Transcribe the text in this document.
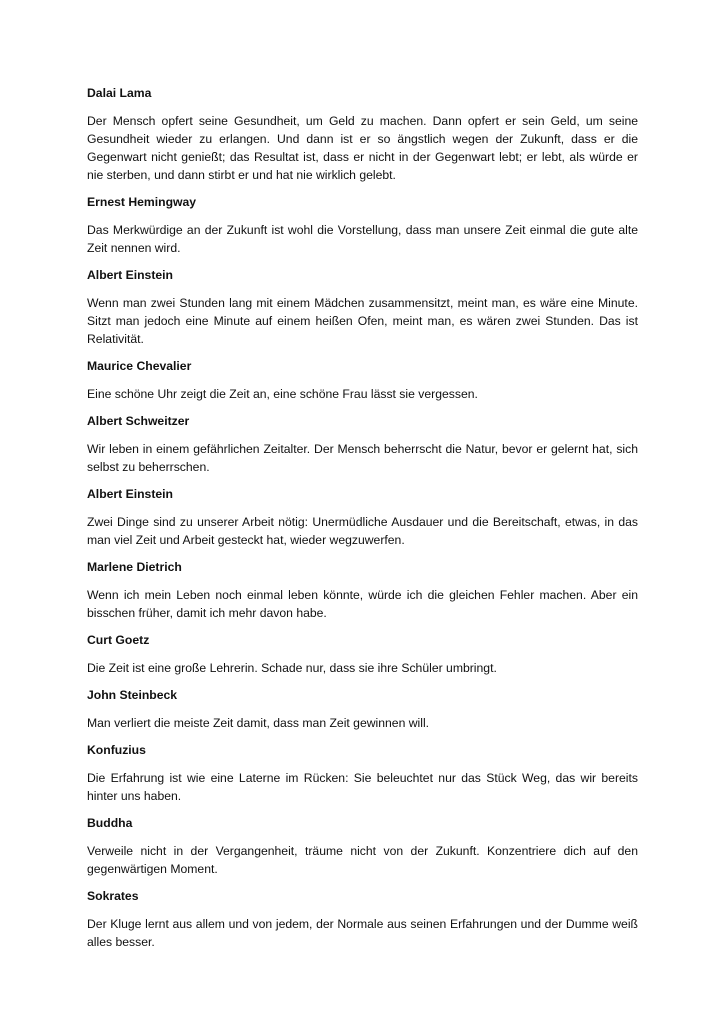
Dalai Lama

Der Mensch opfert seine Gesundheit, um Geld zu machen. Dann opfert er sein Geld, um seine Gesundheit wieder zu erlangen. Und dann ist er so ängstlich wegen der Zukunft, dass er die Gegenwart nicht genießt; das Resultat ist, dass er nicht in der Gegenwart lebt; er lebt, als würde er nie sterben, und dann stirbt er und hat nie wirklich gelebt.

Ernest Hemingway

Das Merkwürdige an der Zukunft ist wohl die Vorstellung, dass man unsere Zeit einmal die gute alte Zeit nennen wird.

Albert Einstein

Wenn man zwei Stunden lang mit einem Mädchen zusammensitzt, meint man, es wäre eine Minute. Sitzt man jedoch eine Minute auf einem heißen Ofen, meint man, es wären zwei Stunden. Das ist Relativität.

Maurice Chevalier

Eine schöne Uhr zeigt die Zeit an, eine schöne Frau lässt sie vergessen.

Albert Schweitzer

Wir leben in einem gefährlichen Zeitalter. Der Mensch beherrscht die Natur, bevor er gelernt hat, sich selbst zu beherrschen.

Albert Einstein

Zwei Dinge sind zu unserer Arbeit nötig: Unermüdliche Ausdauer und die Bereitschaft, etwas, in das man viel Zeit und Arbeit gesteckt hat, wieder wegzuwerfen.

Marlene Dietrich

Wenn ich mein Leben noch einmal leben könnte, würde ich die gleichen Fehler machen. Aber ein bisschen früher, damit ich mehr davon habe.

Curt Goetz

Die Zeit ist eine große Lehrerin. Schade nur, dass sie ihre Schüler umbringt.

John Steinbeck

Man verliert die meiste Zeit damit, dass man Zeit gewinnen will.

Konfuzius

Die Erfahrung ist wie eine Laterne im Rücken: Sie beleuchtet nur das Stück Weg, das wir bereits hinter uns haben.

Buddha

Verweile nicht in der Vergangenheit, träume nicht von der Zukunft. Konzentriere dich auf den gegenwärtigen Moment.

Sokrates

Der Kluge lernt aus allem und von jedem, der Normale aus seinen Erfahrungen und der Dumme weiß alles besser.
